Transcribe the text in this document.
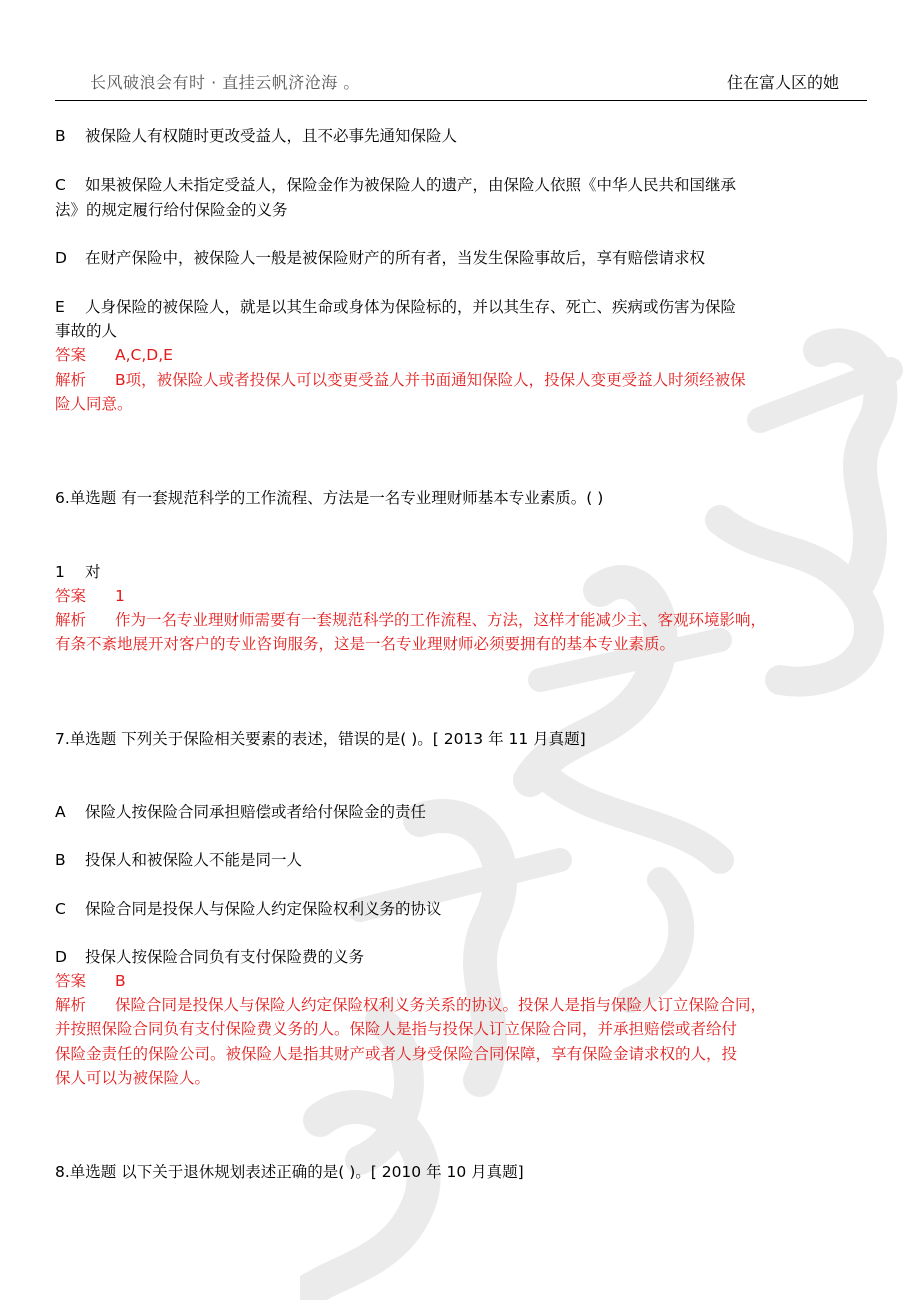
长风破浪会有时 · 直挂云帆济沧海 。	住在富人区的她
B	被保险人有权随时更改受益人，且不必事先通知保险人
C	如果被保险人未指定受益人，保险金作为被保险人的遗产，由保险人依照《中华人民共和国继承
法》的规定履行给付保险金的义务
D	在财产保险中，被保险人一般是被保险财产的所有者，当发生保险事故后，享有赔偿请求权
E	人身保险的被保险人，就是以其生命或身体为保险标的，并以其生存、死亡、疾病或伤害为保险
事故的人
答案 A,C,D,E
解析 B项，被保险人或者投保人可以变更受益人并书面通知保险人，投保人变更受益人时须经被保
险人同意。
6.单选题 有一套规范科学的工作流程、方法是一名专业理财师基本专业素质。( )
1	对
答案 1
解析 作为一名专业理财师需要有一套规范科学的工作流程、方法，这样才能减少主、客观环境影响，
有条不紊地展开对客户的专业咨询服务，这是一名专业理财师必须要拥有的基本专业素质。
7.单选题 下列关于保险相关要素的表述，错误的是( )。[ 2013 年 11 月真题]
A	保险人按保险合同承担赔偿或者给付保险金的责任
B	投保人和被保险人不能是同一人
C	保险合同是投保人与保险人约定保险权利义务的协议
D	投保人按保险合同负有支付保险费的义务
答案 B
解析 保险合同是投保人与保险人约定保险权利义务关系的协议。投保人是指与保险人订立保险合同，
并按照保险合同负有支付保险费义务的人。保险人是指与投保人订立保险合同，并承担赔偿或者给付
保险金责任的保险公司。被保险人是指其财产或者人身受保险合同保障，享有保险金请求权的人，投
保人可以为被保险人。
8.单选题 以下关于退休规划表述正确的是( )。[ 2010 年 10 月真题]
